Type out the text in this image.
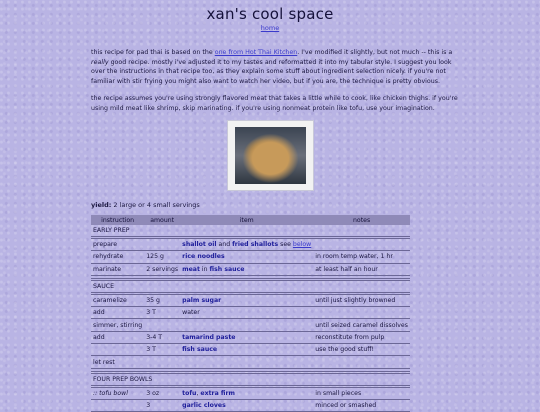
xan's cool space
home
this recipe for pad thai is based on the one from Hot Thai Kitchen. I've modified it slightly, but not much -- this is a really good recipe. mostly i've adjusted it to my tastes and reformatted it into my tabular style. I suggest you look over the instructions in that recipe too, as they explain some stuff about ingredient selection nicely. if you're not familiar with stir frying you might also want to watch her video, but if you are, the technique is pretty obvious.
the recipe assumes you're using strongly flavored meat that takes a little while to cook, like chicken thighs. if you're using mild meat like shrimp, skip marinating. if you're using nonmeat protein like tofu, use your imagination.
yield: 2 large or 4 small servings
instruction	amount	item	notes
EARLY PREP			
prepare		shallot oil and fried shallots see below	
rehydrate	125 g	rice noodles	in room temp water, 1 hr
marinate	2 servings	meat in fish sauce	at least half an hour

SAUCE			
caramelize	35 g	palm sugar	until just slightly browned
add	3 T	water	
simmer, stirring			until seized caramel dissolves
add	3-4 T	tamarind paste	reconstitute from pulp
	3 T	fish sauce	use the good stuff!
let rest			

FOUR PREP BOWLS			
:: tofu bowl	3 oz	tofu, extra firm	in small pieces
	3	garlic cloves	minced or smashed
